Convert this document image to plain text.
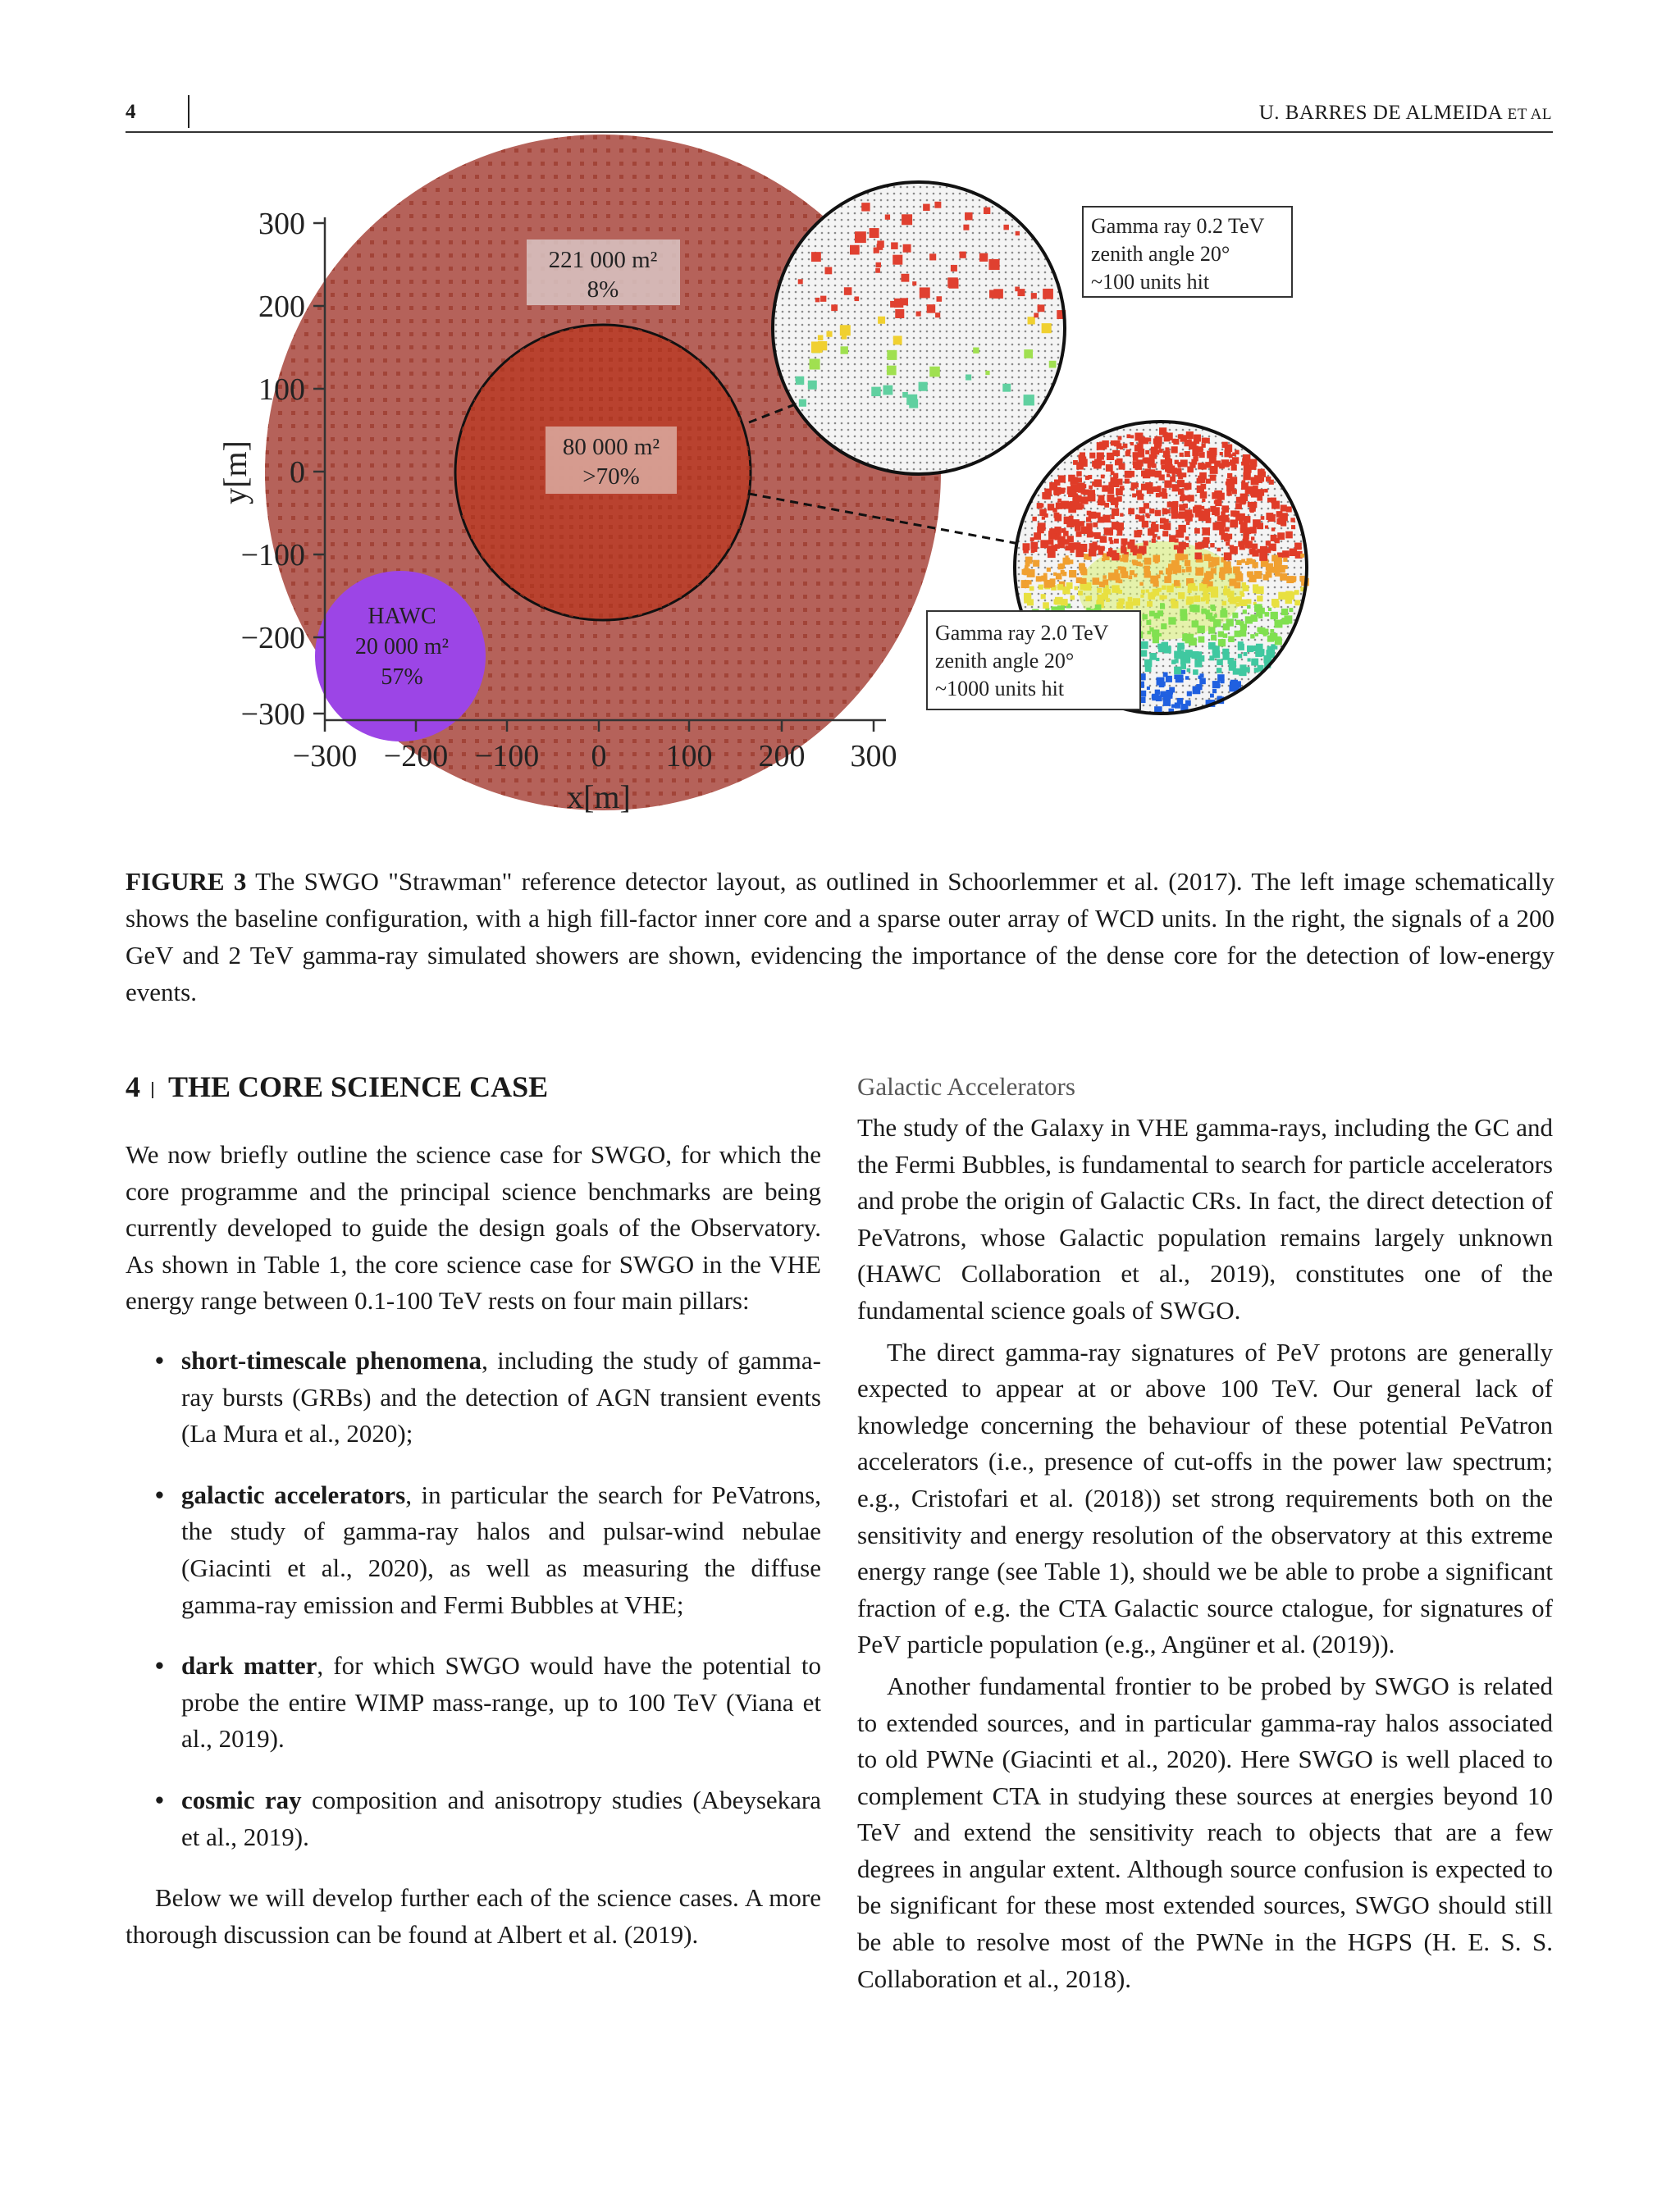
4	U. BARRES DE ALMEIDA ET AL
221 000 m²
8%
80 000 m²
>70%
HAWC
20 000 m²
57%
300
200
100
0
−100
−200
−300
−300 −200 −100 0 100 200 300
x[m]
y[m]
Gamma ray 0.2 TeV
zenith angle 20°
~100 units hit
Gamma ray 2.0 TeV
zenith angle 20°
~1000 units hit
FIGURE 3 The SWGO "Strawman" reference detector layout, as outlined in Schoorlemmer et al. (2017). The left image schematically shows the baseline configuration, with a high fill-factor inner core and a sparse outer array of WCD units. In the right, the signals of a 200 GeV and 2 TeV gamma-ray simulated showers are shown, evidencing the importance of the dense core for the detection of low-energy events.
4 THE CORE SCIENCE CASE

We now briefly outline the science case for SWGO, for which the core programme and the principal science benchmarks are being currently developed to guide the design goals of the Observatory. As shown in Table 1, the core science case for SWGO in the VHE energy range between 0.1-100 TeV rests on four main pillars:

• short-timescale phenomena, including the study of gamma-ray bursts (GRBs) and the detection of AGN transient events (La Mura et al., 2020);
• galactic accelerators, in particular the search for PeVatrons, the study of gamma-ray halos and pulsar-wind nebulae (Giacinti et al., 2020), as well as measuring the diffuse gamma-ray emission and Fermi Bubbles at VHE;
• dark matter, for which SWGO would have the potential to probe the entire WIMP mass-range, up to 100 TeV (Viana et al., 2019).
• cosmic ray composition and anisotropy studies (Abeysekara et al., 2019).

Below we will develop further each of the science cases. A more thorough discussion can be found at Albert et al. (2019).

Galactic Accelerators

The study of the Galaxy in VHE gamma-rays, including the GC and the Fermi Bubbles, is fundamental to search for particle accelerators and probe the origin of Galactic CRs. In fact, the direct detection of PeVatrons, whose Galactic population remains largely unknown (HAWC Collaboration et al., 2019), constitutes one of the fundamental science goals of SWGO.

The direct gamma-ray signatures of PeV protons are generally expected to appear at or above 100 TeV. Our general lack of knowledge concerning the behaviour of these potential PeVatron accelerators (i.e., presence of cut-offs in the power law spectrum; e.g., Cristofari et al. (2018)) set strong requirements both on the sensitivity and energy resolution of the observatory at this extreme energy range (see Table 1), should we be able to probe a significant fraction of e.g. the CTA Galactic source ctalogue, for signatures of PeV particle population (e.g., Angüner et al. (2019)).

Another fundamental frontier to be probed by SWGO is related to extended sources, and in particular gamma-ray halos associated to old PWNe (Giacinti et al., 2020). Here SWGO is well placed to complement CTA in studying these sources at energies beyond 10 TeV and extend the sensitivity reach to objects that are a few degrees in angular extent. Although source confusion is expected to be significant for these most extended sources, SWGO should still be able to resolve most of the PWNe in the HGPS (H. E. S. S. Collaboration et al., 2018).
